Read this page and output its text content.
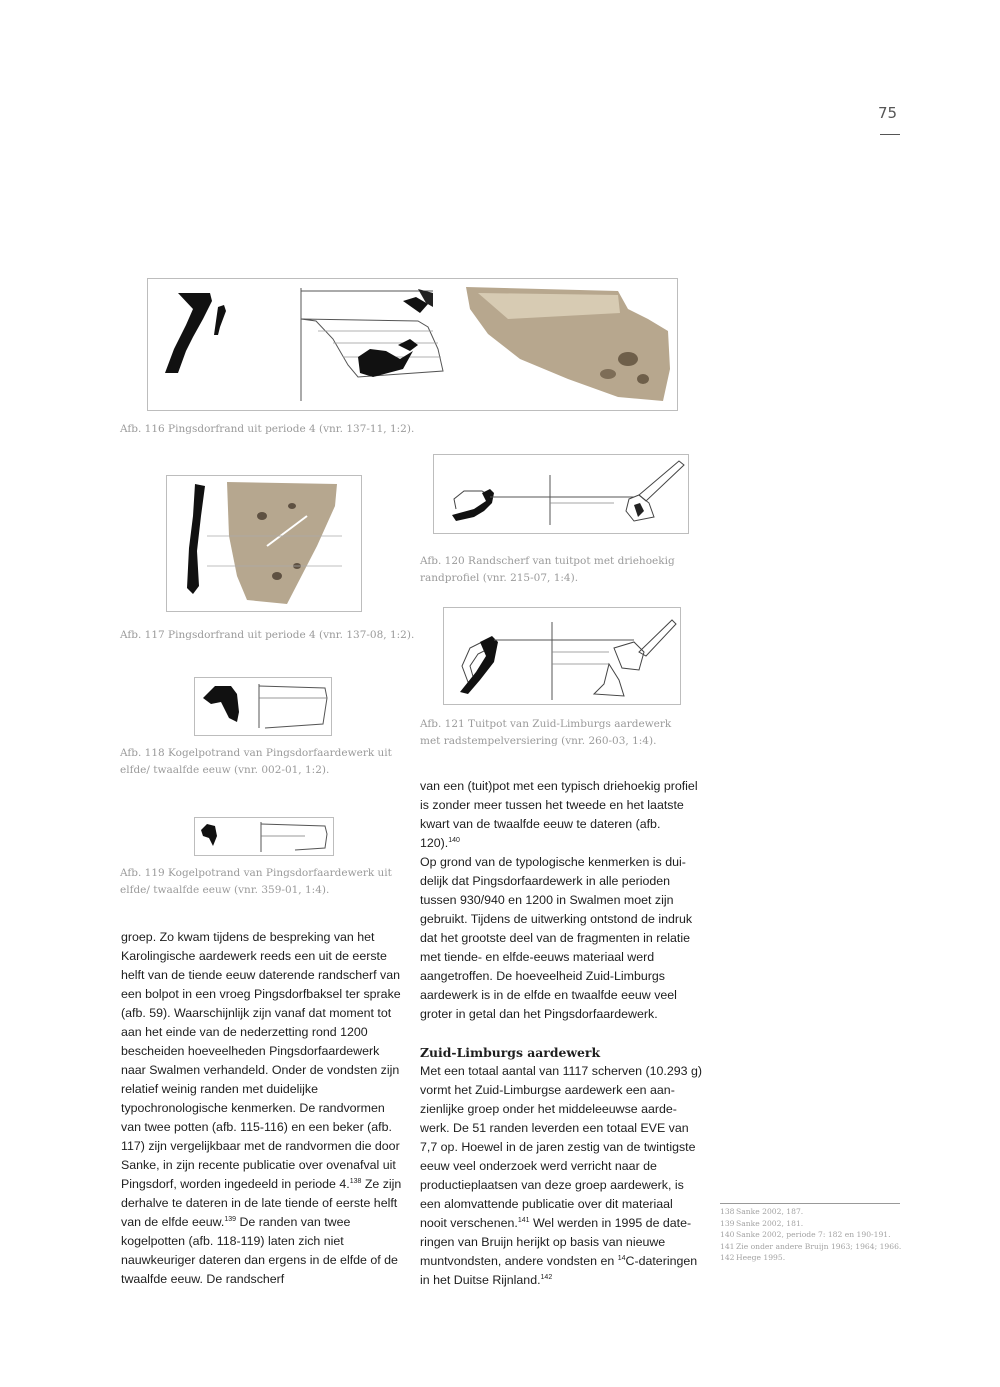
75
Afb. 116 Pingsdorfrand uit periode 4 (vnr. 137-11, 1:2).
Afb. 117 Pingsdorfrand uit periode 4 (vnr. 137-08, 1:2).
Afb. 118 Kogelpotrand van Pingsdorfaardewerk uit elfde/ twaalfde eeuw (vnr. 002-01, 1:2).
Afb. 119 Kogelpotrand van Pingsdorfaardewerk uit elfde/ twaalfde eeuw (vnr. 359-01, 1:4).
Afb. 120 Randscherf van tuitpot met driehoekig randprofiel (vnr. 215-07, 1:4).
Afb. 121 Tuitpot van Zuid-Limburgs aardewerk met radstempelversiering (vnr. 260-03, 1:4).

groep. Zo kwam tijdens de bespreking van het Karolingische aardewerk reeds een uit de eerste helft van de tiende eeuw daterende randscherf van een bolpot in een vroeg Pingsdorfbaksel ter sprake (afb. 59). Waarschijnlijk zijn vanaf dat moment tot aan het einde van de nederzetting rond 1200 bescheiden hoeveelheden Pingsdorfaardewerk naar Swalmen verhandeld. Onder de vondsten zijn relatief weinig randen met duidelijke typochronologische kenmerken. De randvormen van twee potten (afb. 115-116) en een beker (afb. 117) zijn vergelijkbaar met de randvormen die door Sanke, in zijn recente publicatie over ovenafval uit Pingsdorf, worden ingedeeld in periode 4.$^{138}$ Ze zijn derhalve te dateren in de late tiende of eerste helft van de elfde eeuw.$^{139}$ De randen van twee kogelpotten (afb. 118-119) laten zich niet nauwkeuriger dateren dan ergens in de elfde of de twaalfde eeuw. De randscherf

van een (tuit)pot met een typisch driehoekig profiel is zonder meer tussen het tweede en het laatste kwart van de twaalfde eeuw te dateren (afb. 120).$^{140}$

Op grond van de typologische kenmerken is duidelijk dat Pingsdorfaardewerk in alle perioden tussen 930/940 en 1200 in Swalmen moet zijn gebruikt. Tijdens de uitwerking ontstond de indruk dat het grootste deel van de fragmenten in relatie met tiende- en elfde-eeuws materiaal werd aangetroffen. De hoeveelheid Zuid-Limburgs aardewerk is in de elfde en twaalfde eeuw veel groter in getal dan het Pingsdorfaardewerk.

Zuid-Limburgs aardewerk

Met een totaal aantal van 1117 scherven (10.293 g) vormt het Zuid-Limburgse aardewerk een aanzienlijke groep onder het middeleeuwse aardewerk. De 51 randen leverden een totaal EVE van 7,7 op. Hoewel in de jaren zestig van de twintigste eeuw veel onderzoek werd verricht naar de productieplaatsen van deze groep aardewerk, is een alomvattende publicatie over dit materiaal nooit verschenen.$^{141}$ Wel werden in 1995 de dateringen van Bruijn herijkt op basis van nieuwe muntvondsten, andere vondsten en $^{14}$C-dateringen in het Duitse Rijnland.$^{142}$

138 Sanke 2002, 187.
139 Sanke 2002, 181.
140 Sanke 2002, periode 7: 182 en 190-191.
141 Zie onder andere Bruijn 1963; 1964; 1966.
142 Heege 1995.
